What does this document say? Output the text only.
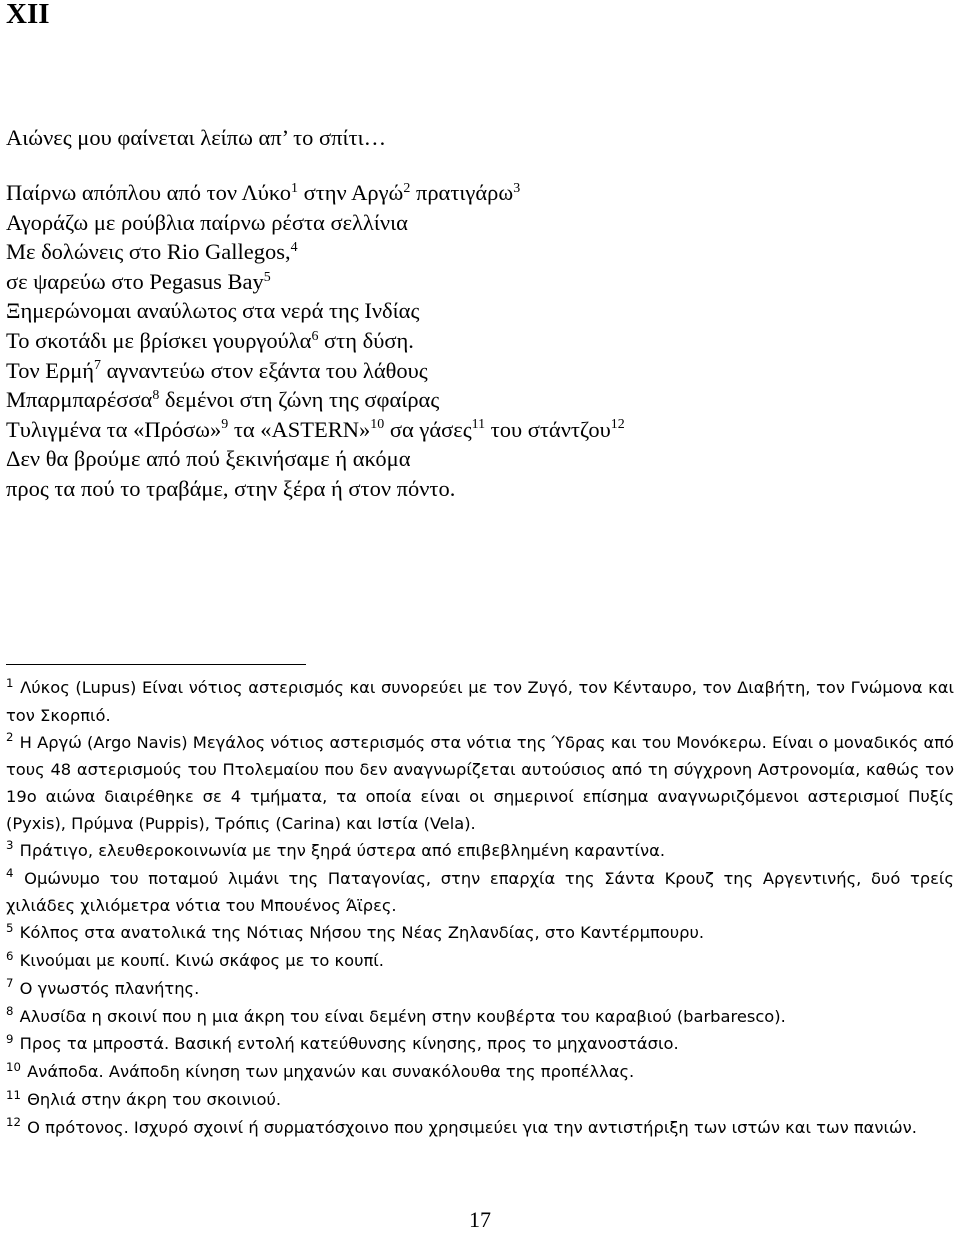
XII
Αιώνες μου φαίνεται λείπω απ’ το σπίτι…
Παίρνω απόπλου από τον Λύκο$^1$ στην Αργώ$^2$ πρατιγάρω$^3$
Αγοράζω με ρούβλια παίρνω ρέστα σελλίνια
Με δολώνεις στο Rio Gallegos,$^4$
σε ψαρεύω στο Pegasus Bay$^5$
Ξημερώνομαι αναύλωτος στα νερά της Ινδίας
Το σκοτάδι με βρίσκει γουργούλα$^6$ στη δύση.
Τον Ερμή$^7$ αγναντεύω στον εξάντα του λάθους
Μπαρμπαρέσσα$^8$ δεμένοι στη ζώνη της σφαίρας
Τυλιγμένα τα «Πρόσω»$^9$ τα «ASTERN»$^{10}$ σα γάσες$^{11}$ του στάντζου$^{12}$
Δεν θα βρούμε από πού ξεκινήσαμε ή ακόμα
προς τα πού το τραβάμε, στην ξέρα ή στον πόντο.

$^1$ Λύκος (Lupus) Είναι νότιος αστερισμός και συνορεύει με τον Ζυγό, τον Κένταυρο, τον Διαβήτη, τον Γνώμονα και τον Σκορπιό.

$^2$ Η Αργώ (Argo Navis) Μεγάλος νότιος αστερισμός στα νότια της Ύδρας και του Μονόκερω. Είναι ο μοναδικός από τους 48 αστερισμούς του Πτολεμαίου που δεν αναγνωρίζεται αυτούσιος από τη σύγχρονη Αστρονομία, καθώς τον 19ο αιώνα διαιρέθηκε σε 4 τμήματα, τα οποία είναι οι σημερινοί επίσημα αναγνωριζόμενοι αστερισμοί Πυξίς (Pyxis), Πρύμνα (Puppis), Τρόπις (Carina) και Ιστία (Vela).

$^3$ Πράτιγο, ελευθεροκοινωνία με την ξηρά ύστερα από επιβεβλημένη καραντίνα.

$^4$ Ομώνυμο του ποταμού λιμάνι της Παταγονίας, στην επαρχία της Σάντα Κρουζ της Αργεντινής, δυό τρείς χιλιάδες χιλιόμετρα νότια του Μπουένος Άϊρες.

$^5$ Κόλπος στα ανατολικά της Νότιας Νήσου της Νέας Ζηλανδίας, στο Καντέρμπουρυ.

$^6$ Κινούμαι με κουπί. Κινώ σκάφος με το κουπί.

$^7$ Ο γνωστός πλανήτης.

$^8$ Αλυσίδα η σκοινί που η μια άκρη του είναι δεμένη στην κουβέρτα του καραβιού (barbaresco).

$^9$ Προς τα μπροστά. Βασική εντολή κατεύθυνσης κίνησης, προς το μηχανοστάσιο.

$^{10}$ Ανάποδα. Ανάποδη κίνηση των μηχανών και συνακόλουθα της προπέλλας.

$^{11}$ Θηλιά στην άκρη του σκοινιού.

$^{12}$ Ο πρότονος. Ισχυρό σχοινί ή συρματόσχοινο που χρησιμεύει για την αντιστήριξη των ιστών και των πανιών.

17
